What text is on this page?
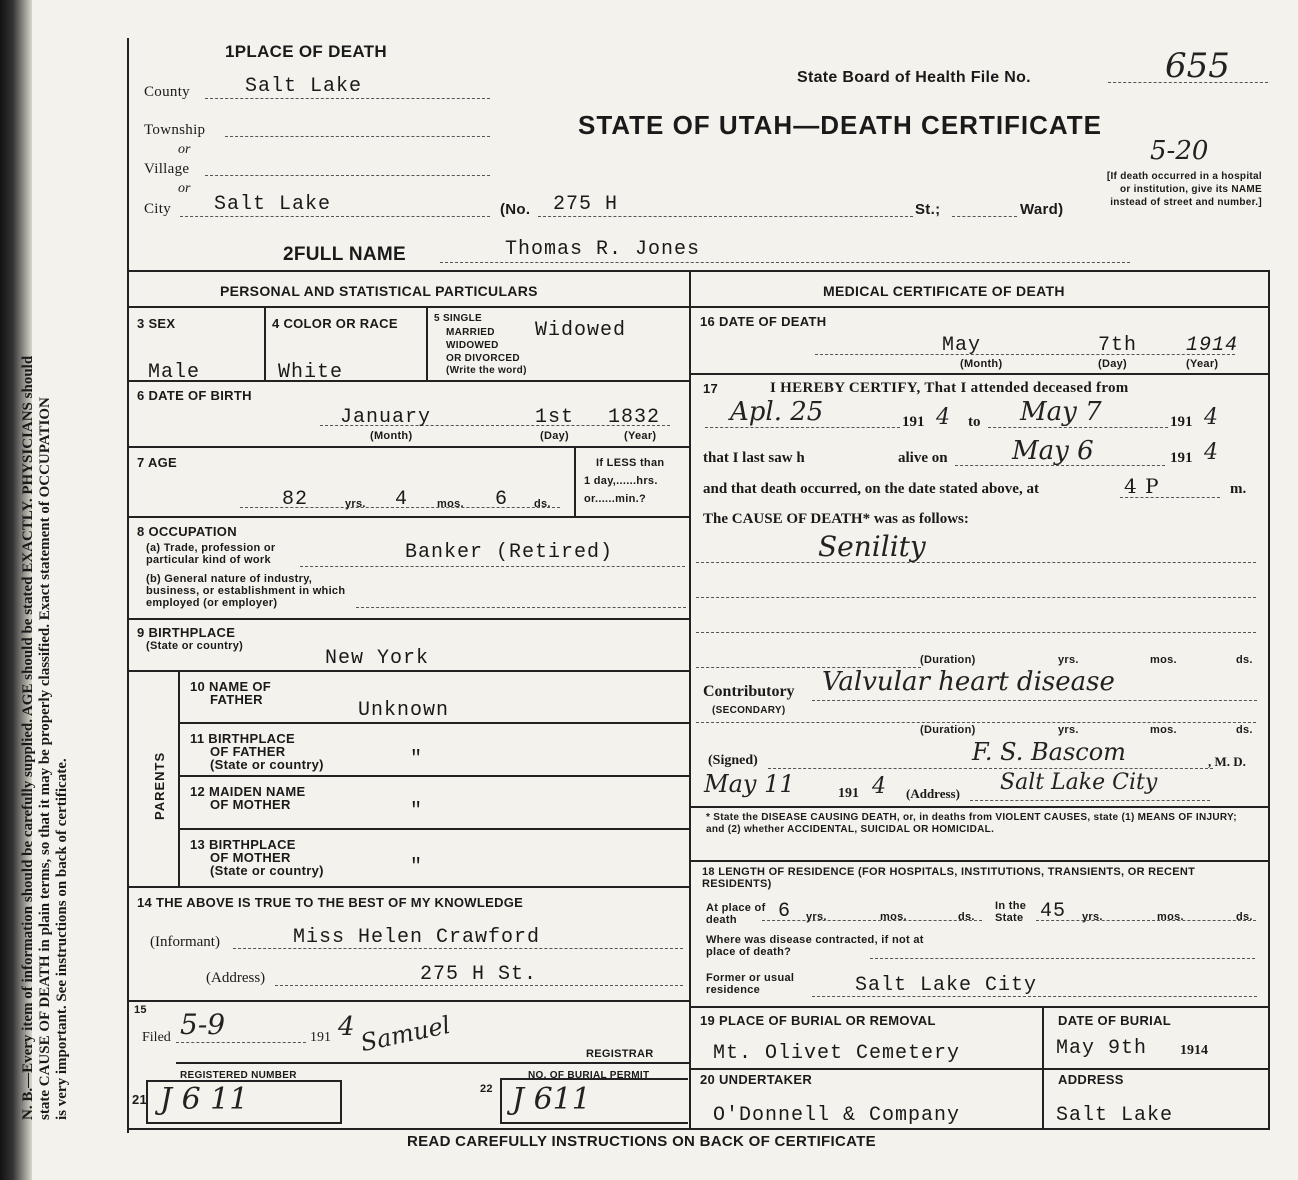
N. B.—Every item of information should be carefully supplied. AGE should be stated EXACTLY. PHYSICIANS should state CAUSE OF DEATH in plain terms, so that it may be properly classified. Exact statement of OCCUPATION is very important. See instructions on back of certificate.
1PLACE OF DEATH
State Board of Health File No.	655
STATE OF UTAH—DEATH CERTIFICATE
5-20
[If death occurred in a hospital or institution, give its NAME instead of street and number.]
County	Salt Lake
Township
or
Village
or
City Salt Lake	(No. 275 H	St.;	Ward)
2FULL NAME	Thomas R. Jones
PERSONAL AND STATISTICAL PARTICULARS
3 SEX
Male
4 COLOR OR RACE
White
5 SINGLE
MARRIED
WIDOWED
OR DIVORCED
(Write the word)
Widowed
6 DATE OF BIRTH
January	1st 1832
(Month)	(Day)	(Year)
7 AGE
82	yrs. 4	mos. 6 ds.
If LESS than
1 day,......hrs.
or......min.?
8 OCCUPATION
(a) Trade, profession or particular kind of work	Banker (Retired)
(b) General nature of industry, business, or establishment in which employed (or employer)
9 BIRTHPLACE
(State or country)
New York
PARENTS
10 NAME OF
FATHER	Unknown
11 BIRTHPLACE
OF FATHER
(State or country)	"
12 MAIDEN NAME
OF MOTHER	"
13 BIRTHPLACE
OF MOTHER
(State or country)	"
14 THE ABOVE IS TRUE TO THE BEST OF MY KNOWLEDGE
(Informant)	Miss Helen Crawford
(Address)	275 H St.
15
Filed 5-9	191 4
REGISTRAR
Samuel
REGISTERED NUMBER
21 J 6 11	22
NO. OF BURIAL PERMIT
J 611
MEDICAL CERTIFICATE OF DEATH
16 DATE OF DEATH
May	7th 1914
(Month)	(Day)	(Year)
17	I HEREBY CERTIFY, That I attended deceased from
Apl. 25	191 4 to May 7	191 4
that I last saw h	alive on May 6	191 4
and that death occurred, on the date stated above, at	4 P	m.
The CAUSE OF DEATH* was as follows:
Senility
(Duration)	yrs.	mos.	ds.
Contributory
(SECONDARY)
Valvular heart disease
(Duration)	yrs.	mos.	ds.
(Signed)	F. S. Bascom	, M. D.
May 11	191 4 (Address) Salt Lake City
* State the DISEASE CAUSING DEATH, or, in deaths from VIOLENT CAUSES, state (1) MEANS OF INJURY; and (2) whether ACCIDENTAL, SUICIDAL OR HOMICIDAL.
18 LENGTH OF RESIDENCE (FOR HOSPITALS, INSTITUTIONS, TRANSIENTS, OR RECENT RESIDENTS)
At place of death	6 yrs.	mos.	ds.
In the State 45 yrs.	mos.	ds.
Where was disease contracted, if not at place of death?
Former or usual residence	Salt Lake City
19 PLACE OF BURIAL OR REMOVAL
Mt. Olivet Cemetery
DATE OF BURIAL
May 9th 1914
20 UNDERTAKER
O'Donnell & Company
ADDRESS
Salt Lake
READ CAREFULLY INSTRUCTIONS ON BACK OF CERTIFICATE
